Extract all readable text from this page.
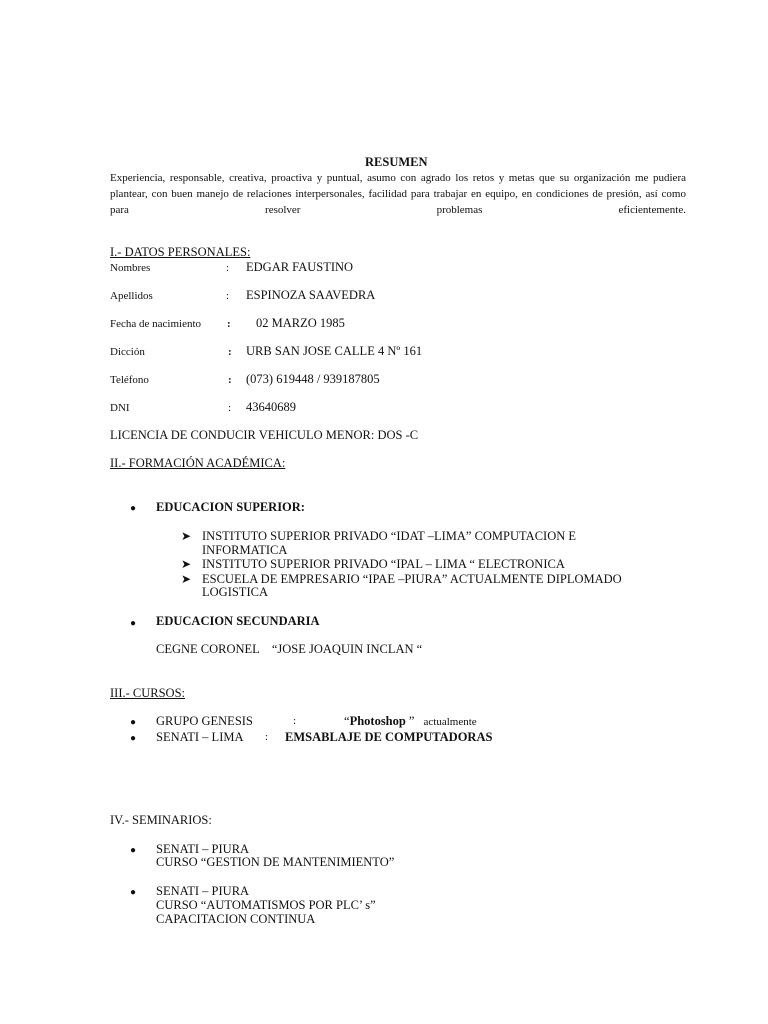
RESUMEN
Experiencia, responsable, creativa, proactiva y puntual, asumo con agrado los retos y metas que su organización me pudiera plantear, con buen manejo de relaciones interpersonales, facilidad para trabajar en equipo, en condiciones de presión, así como para resolver problemas eficientemente.
I.- DATOS PERSONALES:
Nombres	: EDGAR FAUSTINO
Apellidos	: ESPINOZA SAAVEDRA
Fecha de nacimiento : 02 MARZO 1985
Dicción	: URB SAN JOSE CALLE 4 Nº 161
Teléfono	: (073) 619448 / 939187805
DNI	: 43640689
LICENCIA DE CONDUCIR VEHICULO MENOR: DOS -C
II.- FORMACIÓN ACADÉMICA:
● EDUCACION SUPERIOR:
➤ INSTITUTO SUPERIOR PRIVADO “IDAT –LIMA” COMPUTACION E
INFORMATICA
➤ INSTITUTO SUPERIOR PRIVADO “IPAL – LIMA “ ELECTRONICA
➤ ESCUELA DE EMPRESARIO “IPAE –PIURA” ACTUALMENTE DIPLOMADO
LOGISTICA
● EDUCACION SECUNDARIA
CEGNE CORONEL    “JOSE JOAQUIN INCLAN “
III.- CURSOS:
● GRUPO GENESIS	:	“Photoshop ” actualmente
● SENATI – LIMA : EMSABLAJE DE COMPUTADORAS
IV.- SEMINARIOS:
● SENATI – PIURA
CURSO “GESTION DE MANTENIMIENTO”
● SENATI – PIURA
CURSO “AUTOMATISMOS POR PLC’ s”
CAPACITACION CONTINUA
